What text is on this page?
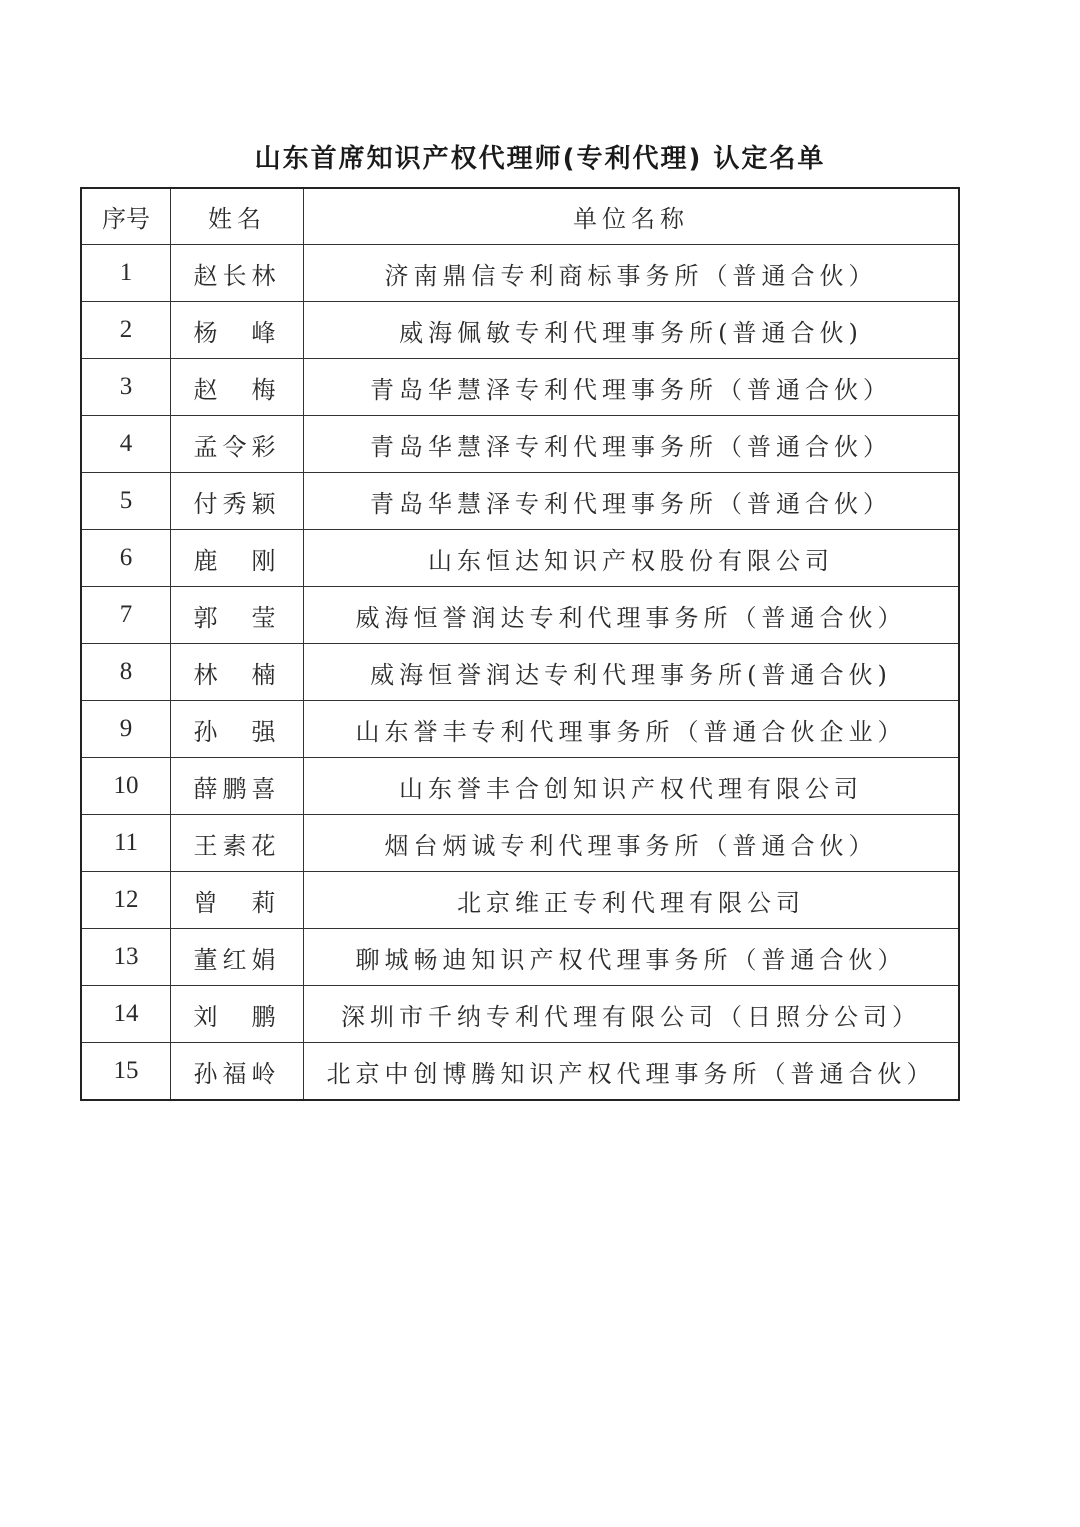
山东首席知识产权代理师(专利代理) 认定名单
序号	姓名	单位名称
1	赵长林	济南鼎信专利商标事务所（普通合伙）
2	杨　峰	威海佩敏专利代理事务所(普通合伙)
3	赵　梅	青岛华慧泽专利代理事务所（普通合伙）
4	孟令彩	青岛华慧泽专利代理事务所（普通合伙）
5	付秀颖	青岛华慧泽专利代理事务所（普通合伙）
6	鹿　刚	山东恒达知识产权股份有限公司
7	郭　莹	威海恒誉润达专利代理事务所（普通合伙）
8	林　楠	威海恒誉润达专利代理事务所(普通合伙)
9	孙　强	山东誉丰专利代理事务所（普通合伙企业）
10	薛鹏喜	山东誉丰合创知识产权代理有限公司
11	王素花	烟台炳诚专利代理事务所（普通合伙）
12	曾　莉	北京维正专利代理有限公司
13	董红娟	聊城畅迪知识产权代理事务所（普通合伙）
14	刘　鹏	深圳市千纳专利代理有限公司（日照分公司）
15	孙福岭	北京中创博腾知识产权代理事务所（普通合伙）
